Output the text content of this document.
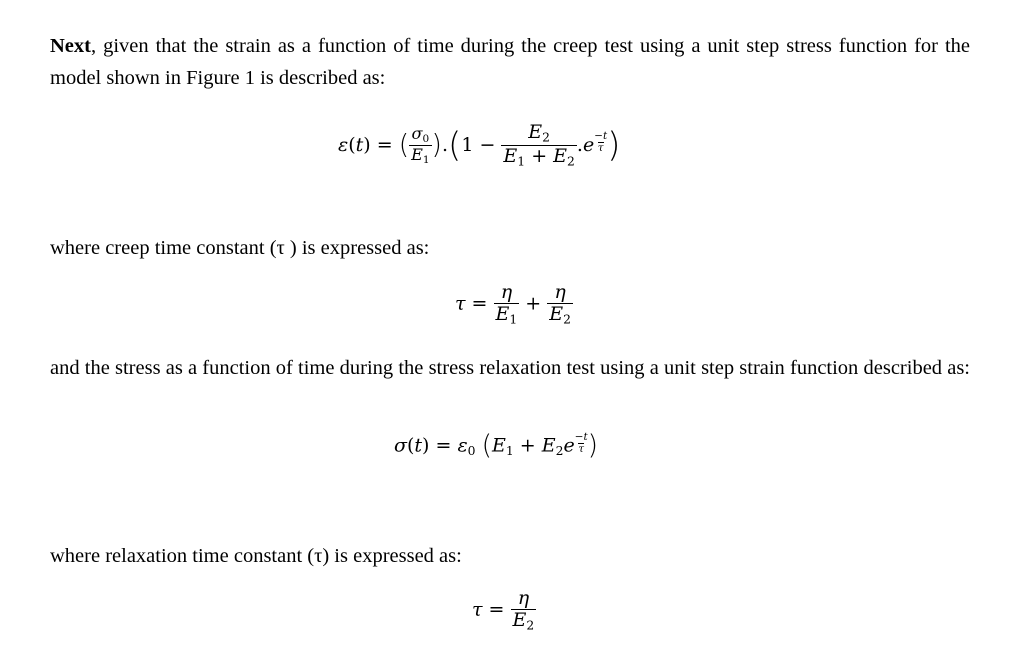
Next, given that the strain as a function of time during the creep test using a unit step stress function for the model shown in Figure 1 is described as:
ε(t) = ( $\frac{\sigma_0}{E_1} ).(1 - \frac{E_2}{E_1 + E_2} .e \frac{-t}{\tau}$ )
where creep time constant (τ ) is expressed as:
$\tau = \frac{\eta}{E_1} + \frac{\eta}{E_2}$
and the stress as a function of time during the stress relaxation test using a unit step strain function described as:
$\sigma(t) = \varepsilon_0$ ($E_1 + E_2e \frac{-t}{\tau}$ )
where relaxation time constant (τ) is expressed as:
$\tau = \frac{\eta}{E_2}$
